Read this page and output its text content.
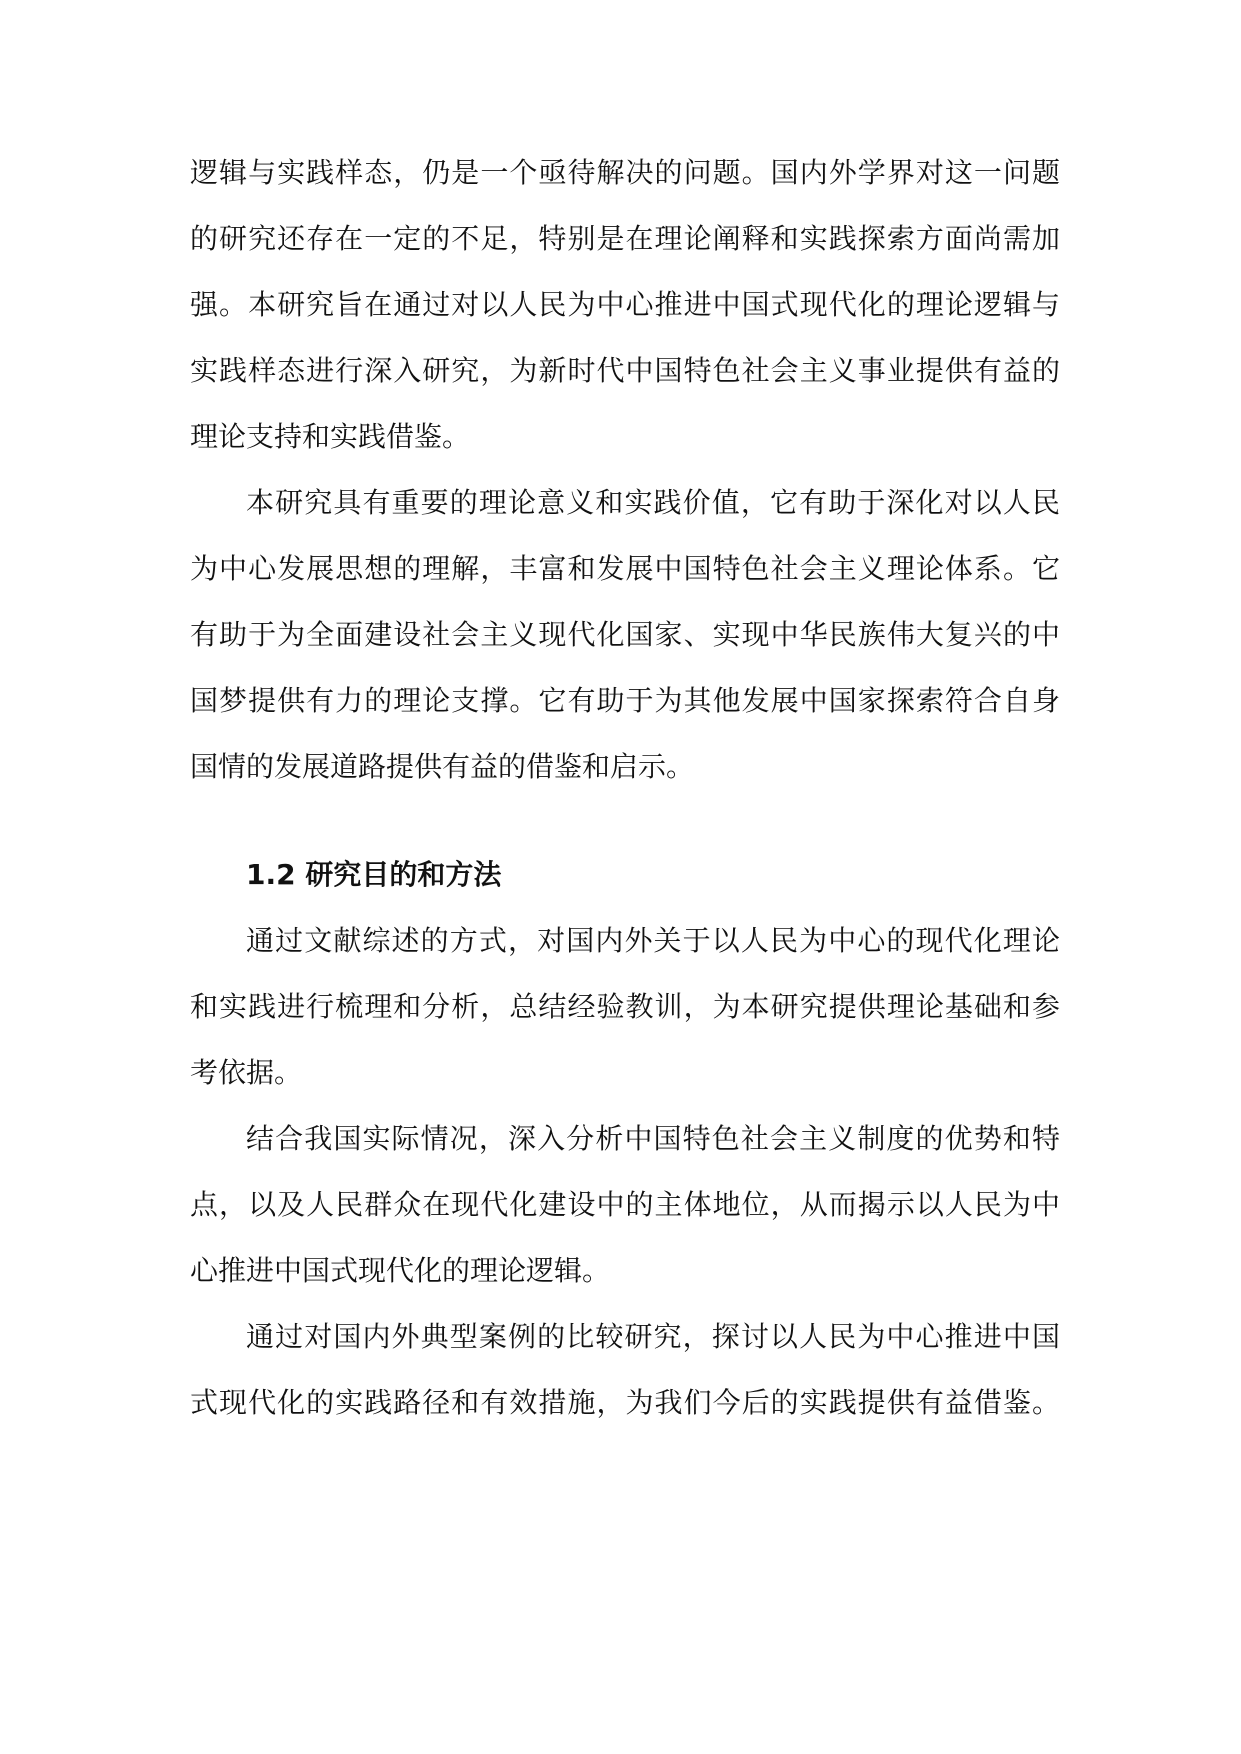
逻辑与实践样态，仍是一个亟待解决的问题。国内外学界对这一问题
的研究还存在一定的不足，特别是在理论阐释和实践探索方面尚需加
强。本研究旨在通过对以人民为中心推进中国式现代化的理论逻辑与
实践样态进行深入研究，为新时代中国特色社会主义事业提供有益的
理论支持和实践借鉴。

本研究具有重要的理论意义和实践价值，它有助于深化对以人民
为中心发展思想的理解，丰富和发展中国特色社会主义理论体系。它
有助于为全面建设社会主义现代化国家、实现中华民族伟大复兴的中
国梦提供有力的理论支撑。它有助于为其他发展中国家探索符合自身
国情的发展道路提供有益的借鉴和启示。

1.2 研究目的和方法

通过文献综述的方式，对国内外关于以人民为中心的现代化理论
和实践进行梳理和分析，总结经验教训，为本研究提供理论基础和参
考依据。

结合我国实际情况，深入分析中国特色社会主义制度的优势和特
点，以及人民群众在现代化建设中的主体地位，从而揭示以人民为中
心推进中国式现代化的理论逻辑。

通过对国内外典型案例的比较研究，探讨以人民为中心推进中国
式现代化的实践路径和有效措施，为我们今后的实践提供有益借鉴。
